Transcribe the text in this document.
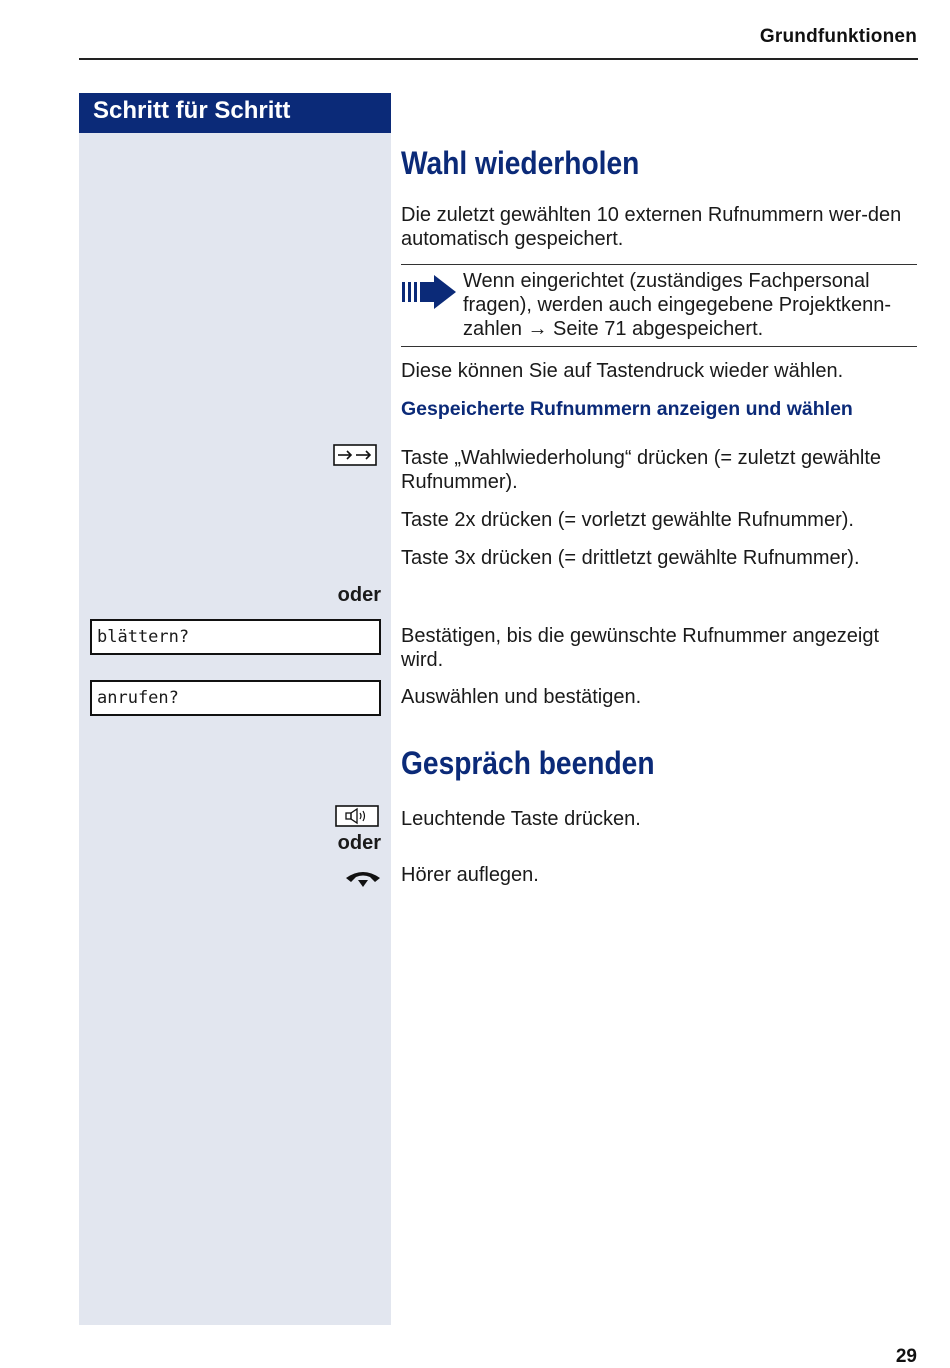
Grundfunktionen
Schritt für Schritt
Wahl wiederholen
Die zuletzt gewählten 10 externen Rufnummern wer-den automatisch gespeichert.
Wenn eingerichtet (zuständiges Fachpersonal fragen), werden auch eingegebene Projektkenn-zahlen → Seite 71 abgespeichert.
Diese können Sie auf Tastendruck wieder wählen.
Gespeicherte Rufnummern anzeigen und wählen
Taste „Wahlwiederholung“ drücken (= zuletzt gewählte Rufnummer).
Taste 2x drücken (= vorletzt gewählte Rufnummer).
Taste 3x drücken (= drittletzt gewählte Rufnummer).
oder
blättern?	Bestätigen, bis die gewünschte Rufnummer angezeigt wird.
anrufen?	Auswählen und bestätigen.
Gespräch beenden
Leuchtende Taste drücken.
oder
Hörer auflegen.
29
